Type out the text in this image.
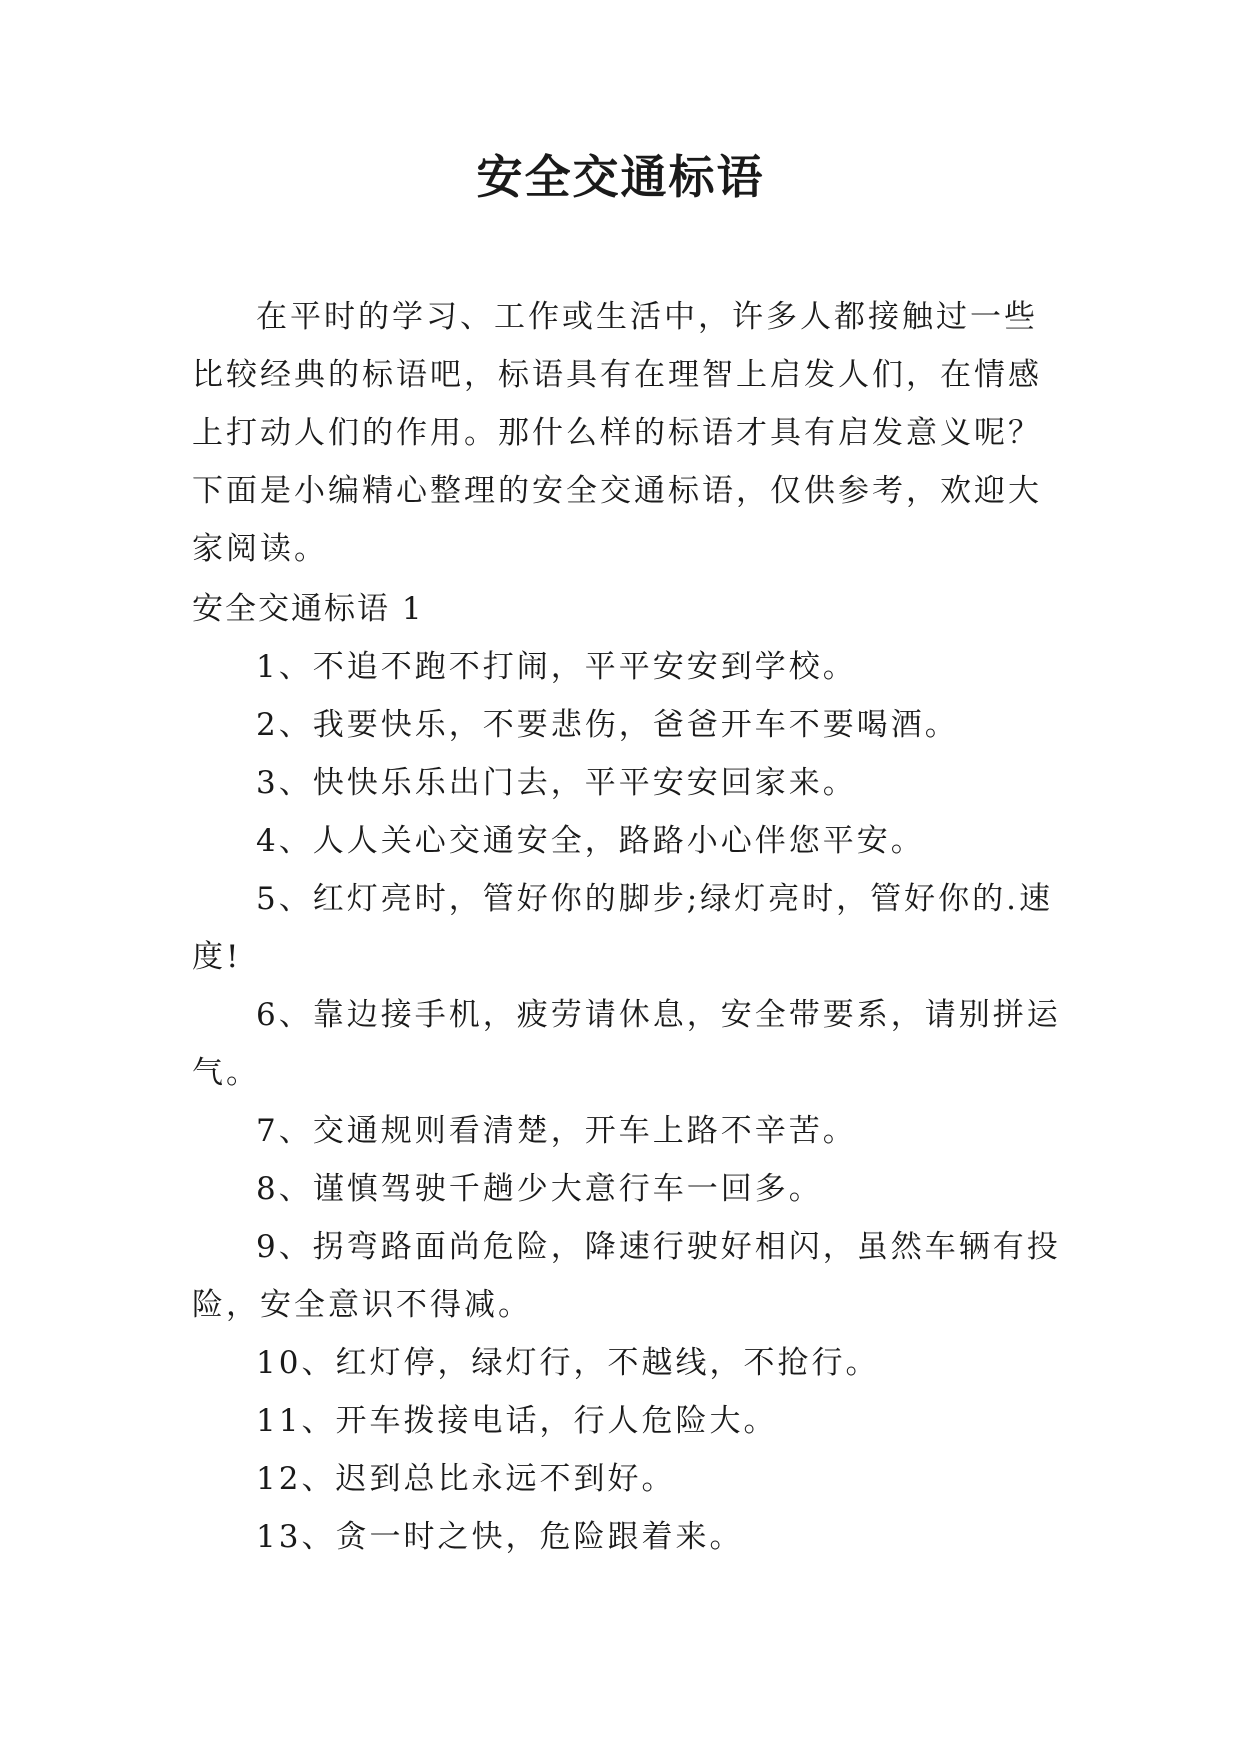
安全交通标语

在平时的学习、工作或生活中，许多人都接触过一些比较经典的标语吧，标语具有在理智上启发人们，在情感上打动人们的作用。那什么样的标语才具有启发意义呢？下面是小编精心整理的安全交通标语，仅供参考，欢迎大家阅读。

安全交通标语 1

1、不追不跑不打闹，平平安安到学校。
2、我要快乐，不要悲伤，爸爸开车不要喝酒。
3、快快乐乐出门去，平平安安回家来。
4、人人关心交通安全，路路小心伴您平安。
5、红灯亮时，管好你的脚步;绿灯亮时，管好你的.速度!
6、靠边接手机，疲劳请休息，安全带要系，请别拼运气。
7、交通规则看清楚，开车上路不辛苦。
8、谨慎驾驶千趟少大意行车一回多。
9、拐弯路面尚危险，降速行驶好相闪，虽然车辆有投险，安全意识不得减。
10、红灯停，绿灯行，不越线，不抢行。
11、开车拨接电话，行人危险大。
12、迟到总比永远不到好。
13、贪一时之快，危险跟着来。
